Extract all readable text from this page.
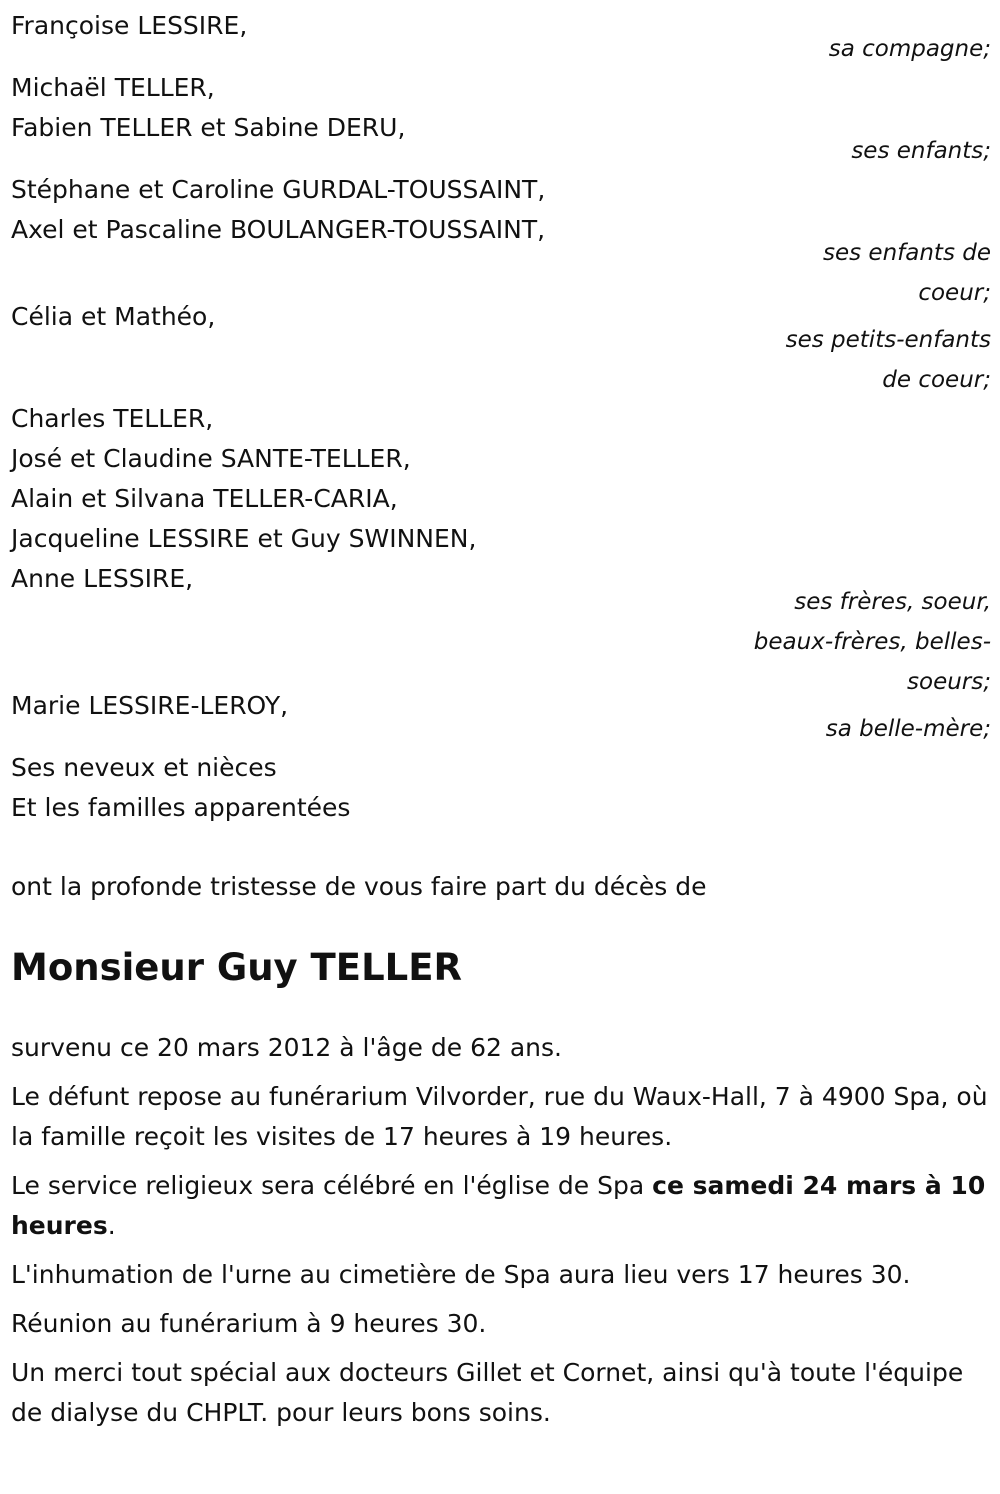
Françoise LESSIRE,
sa compagne;
Michaël TELLER,
Fabien TELLER et Sabine DERU,
ses enfants;
Stéphane et Caroline GURDAL-TOUSSAINT,
Axel et Pascaline BOULANGER-TOUSSAINT,
ses enfants de
coeur;
Célia et Mathéo,
ses petits-enfants
de coeur;
Charles TELLER,
José et Claudine SANTE-TELLER,
Alain et Silvana TELLER-CARIA,
Jacqueline LESSIRE et Guy SWINNEN,
Anne LESSIRE,
ses frères, soeur,
beaux-frères, belles-
soeurs;
Marie LESSIRE-LEROY,
sa belle-mère;
Ses neveux et nièces
Et les familles apparentées
ont la profonde tristesse de vous faire part du décès de
Monsieur Guy TELLER

survenu ce 20 mars 2012 à l'âge de 62 ans.

Le défunt repose au funérarium Vilvorder, rue du Waux-Hall, 7 à 4900 Spa, où la famille reçoit les visites de 17 heures à 19 heures.

Le service religieux sera célébré en l'église de Spa ce samedi 24 mars à 10 heures.

L'inhumation de l'urne au cimetière de Spa aura lieu vers 17 heures 30.

Réunion au funérarium à 9 heures 30.

Un merci tout spécial aux docteurs Gillet et Cornet, ainsi qu'à toute l'équipe de dialyse du CHPLT. pour leurs bons soins.
